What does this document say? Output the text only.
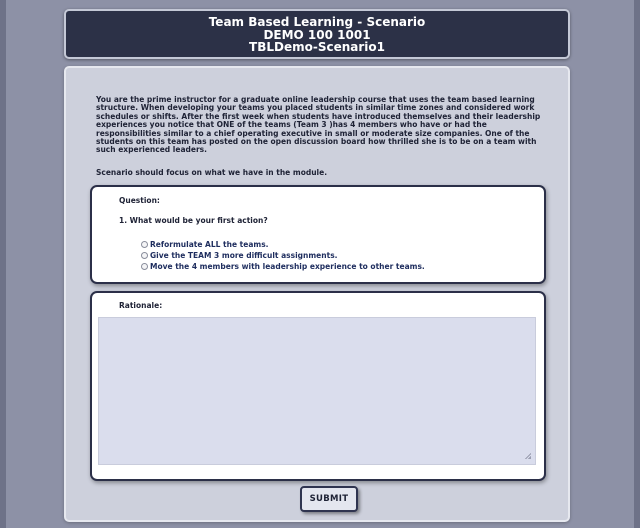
Team Based Learning - Scenario
DEMO 100 1001
TBLDemo-Scenario1

You are the prime instructor for a graduate online leadership course that uses the team based learning structure. When developing your teams you placed students in similar time zones and considered work schedules or shifts. After the first week when students have introduced themselves and their leadership experiences you notice that ONE of the teams (Team 3 )has 4 members who have or had the responsibilities similar to a chief operating executive in small or moderate size companies. One of the students on this team has posted on the open discussion board how thrilled she is to be on a team with such experienced leaders.

Scenario should focus on what we have in the module.
Question:
1. What would be your first action?
Reformulate ALL the teams.
Give the TEAM 3 more difficult assignments.
Move the 4 members with leadership experience to other teams.
Rationale:
SUBMIT
